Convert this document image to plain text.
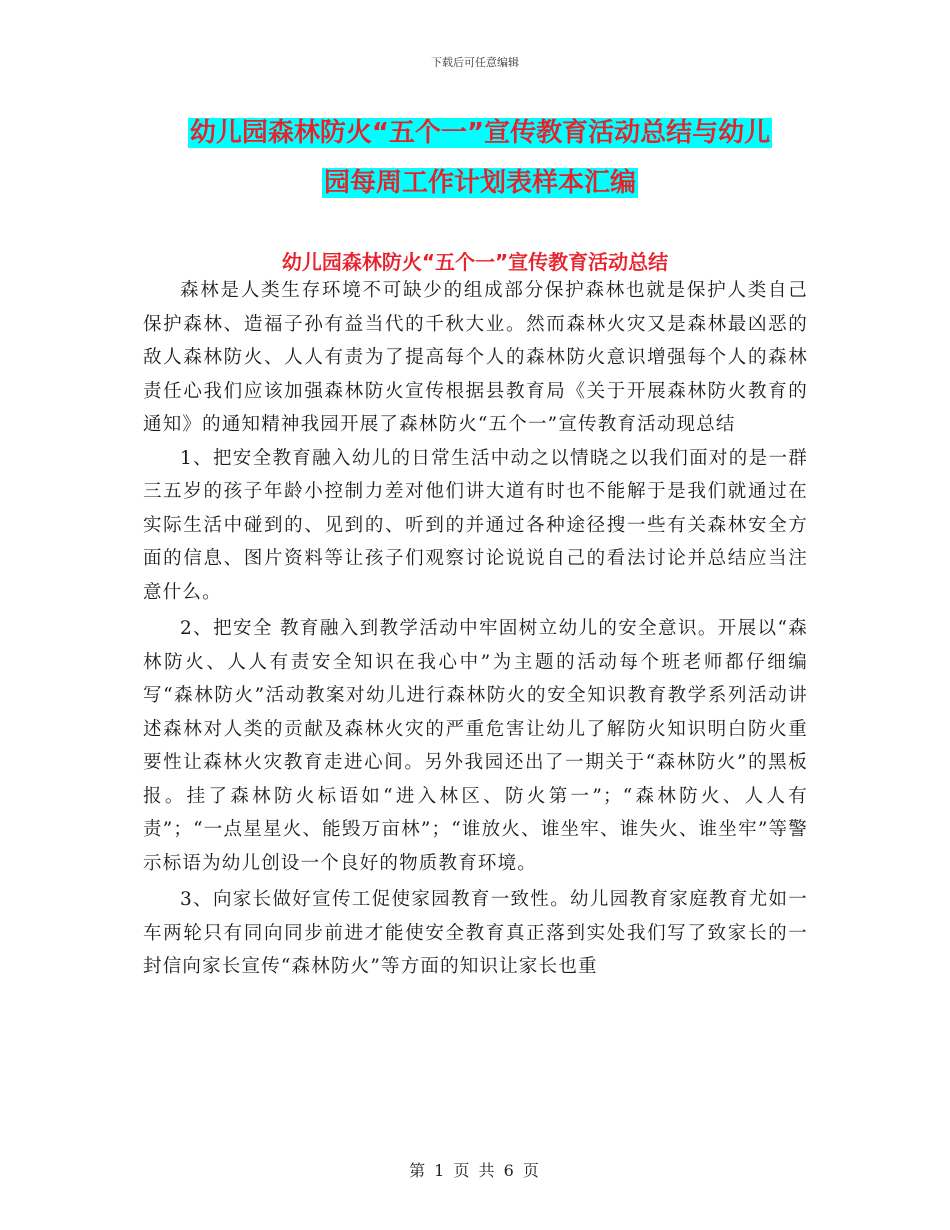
下载后可任意编辑
幼儿园森林防火“五个一”宣传教育活动总结与幼儿
园每周工作计划表样本汇编
幼儿园森林防火“五个一”宣传教育活动总结

森林是人类生存环境不可缺少的组成部分保护森林也就是保护人类自己保护森林、造福子孙有益当代的千秋大业。然而森林火灾又是森林最凶恶的敌人森林防火、人人有责为了提高每个人的森林防火意识增强每个人的森林责任心我们应该加强森林防火宣传根据县教育局《关于开展森林防火教育的通知》的通知精神我园开展了森林防火“五个一”宣传教育活动现总结

1、把安全教育融入幼儿的日常生活中动之以情晓之以我们面对的是一群三五岁的孩子年龄小控制力差对他们讲大道有时也不能解于是我们就通过在实际生活中碰到的、见到的、听到的并通过各种途径搜一些有关森林安全方面的信息、图片资料等让孩子们观察讨论说说自己的看法讨论并总结应当注意什么。

2、把安全 教育融入到教学活动中牢固树立幼儿的安全意识。开展以“森林防火、人人有责安全知识在我心中”为主题的活动每个班老师都仔细编写“森林防火”活动教案对幼儿进行森林防火的安全知识教育教学系列活动讲述森林对人类的贡献及森林火灾的严重危害让幼儿了解防火知识明白防火重要性让森林火灾教育走进心间。另外我园还出了一期关于“森林防火”的黑板报。挂了森林防火标语如“进入林区、防火第一”；“森林防火、人人有责”；“一点星星火、能毁万亩林”；“谁放火、谁坐牢、谁失火、谁坐牢”等警示标语为幼儿创设一个良好的物质教育环境。

3、向家长做好宣传工促使家园教育一致性。幼儿园教育家庭教育尤如一车两轮只有同向同步前进才能使安全教育真正落到实处我们写了致家长的一封信向家长宣传“森林防火”等方面的知识让家长也重

第 1 页 共 6 页
